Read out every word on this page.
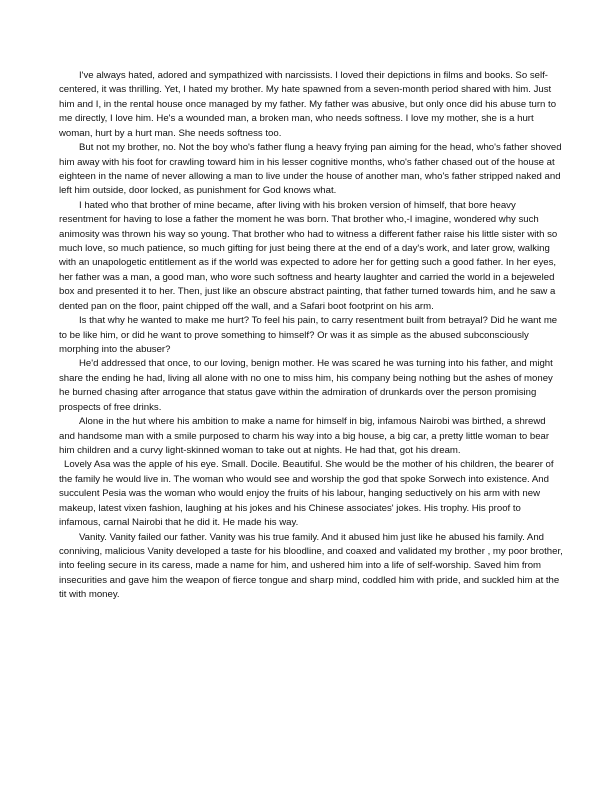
I've always hated, adored and sympathized with narcissists. I loved their depictions in films and books. So self-centered, it was thrilling. Yet, I hated my brother. My hate spawned from a seven-month period shared with him. Just him and I, in the rental house once managed by my father. My father was abusive, but only once did his abuse turn to me directly, I love him. He's a wounded man, a broken man, who needs softness. I love my mother, she is a hurt woman, hurt by a hurt man. She needs softness too.

But not my brother, no. Not the boy who's father flung a heavy frying pan aiming for the head, who's father shoved him away with his foot for crawling toward him in his lesser cognitive months, who's father chased out of the house at eighteen in the name of never allowing a man to live under the house of another man, who's father stripped naked and left him outside, door locked, as punishment for God knows what.

I hated who that brother of mine became, after living with his broken version of himself, that bore heavy resentment for having to lose a father the moment he was born. That brother who,-I imagine, wondered why such animosity was thrown his way so young. That brother who had to witness a different father raise his little sister with so much love, so much patience, so much gifting for just being there at the end of a day's work, and later grow, walking with an unapologetic entitlement as if the world was expected to adore her for getting such a good father. In her eyes, her father was a man, a good man, who wore such softness and hearty laughter and carried the world in a bejeweled box and presented it to her. Then, just like an obscure abstract painting, that father turned towards him, and he saw a dented pan on the floor, paint chipped off the wall, and a Safari boot footprint on his arm.

Is that why he wanted to make me hurt? To feel his pain, to carry resentment built from betrayal? Did he want me to be like him, or did he want to prove something to himself? Or was it as simple as the abused subconsciously morphing into the abuser?

He'd addressed that once, to our loving, benign mother. He was scared he was turning into his father, and might share the ending he had, living all alone with no one to miss him, his company being nothing but the ashes of money he burned chasing after arrogance that status gave within the admiration of drunkards over the person promising prospects of free drinks.

Alone in the hut where his ambition to make a name for himself in big, infamous Nairobi was birthed, a shrewd and handsome man with a smile purposed to charm his way into a big house, a big car, a pretty little woman to bear him children and a curvy light-skinned woman to take out at nights. He had that, got his dream.

Lovely Asa was the apple of his eye. Small. Docile. Beautiful. She would be the mother of his children, the bearer of the family he would live in. The woman who would see and worship the god that spoke Sorwech into existence. And succulent Pesia was the woman who would enjoy the fruits of his labour, hanging seductively on his arm with new makeup, latest vixen fashion, laughing at his jokes and his Chinese associates' jokes. His trophy. His proof to infamous, carnal Nairobi that he did it. He made his way.

Vanity. Vanity failed our father. Vanity was his true family. And it abused him just like he abused his family. And conniving, malicious Vanity developed a taste for his bloodline, and coaxed and validated my brother , my poor brother, into feeling secure in its caress, made a name for him, and ushered him into a life of self-worship. Saved him from insecurities and gave him the weapon of fierce tongue and sharp mind, coddled him with pride, and suckled him at the tit with money.
